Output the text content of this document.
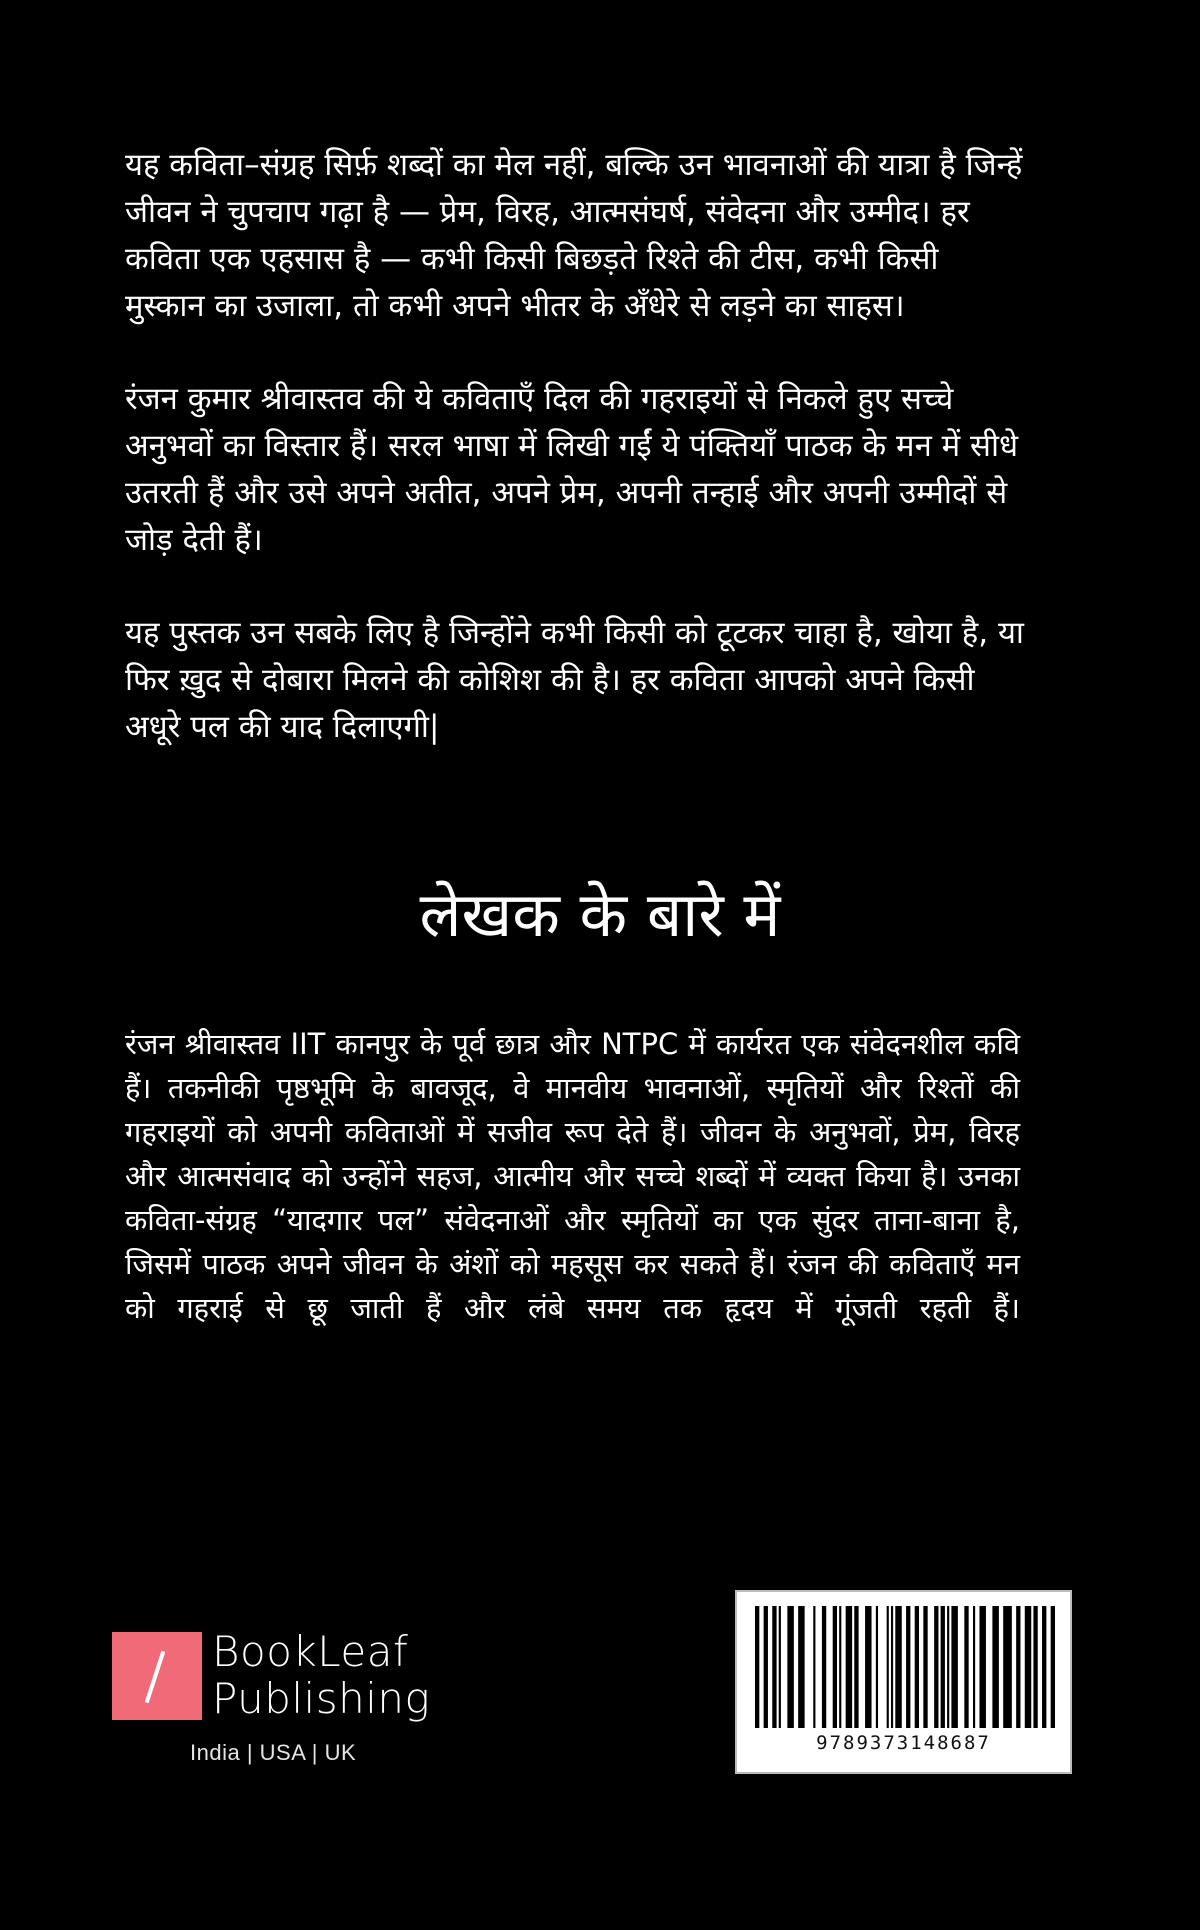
यह कविता–संग्रह सिर्फ़ शब्दों का मेल नहीं, बल्कि उन भावनाओं की यात्रा है जिन्हें जीवन ने चुपचाप गढ़ा है — प्रेम, विरह, आत्मसंघर्ष, संवेदना और उम्मीद। हर कविता एक एहसास है — कभी किसी बिछड़ते रिश्ते की टीस, कभी किसी मुस्कान का उजाला, तो कभी अपने भीतर के अँधेरे से लड़ने का साहस।

रंजन कुमार श्रीवास्तव की ये कविताएँ दिल की गहराइयों से निकले हुए सच्चे अनुभवों का विस्तार हैं। सरल भाषा में लिखी गईं ये पंक्तियाँ पाठक के मन में सीधे उतरती हैं और उसे अपने अतीत, अपने प्रेम, अपनी तन्हाई और अपनी उम्मीदों से जोड़ देती हैं।

यह पुस्तक उन सबके लिए है जिन्होंने कभी किसी को टूटकर चाहा है, खोया है, या फिर ख़ुद से दोबारा मिलने की कोशिश की है। हर कविता आपको अपने किसी अधूरे पल की याद दिलाएगी|

लेखक के बारे में

रंजन श्रीवास्तव IIT कानपुर के पूर्व छात्र और NTPC में कार्यरत एक संवेदनशील कवि हैं। तकनीकी पृष्ठभूमि के बावजूद, वे मानवीय भावनाओं, स्मृतियों और रिश्तों की गहराइयों को अपनी कविताओं में सजीव रूप देते हैं। जीवन के अनुभवों, प्रेम, विरह और आत्मसंवाद को उन्होंने सहज, आत्मीय और सच्चे शब्दों में व्यक्त किया है। उनका कविता-संग्रह “यादगार पल” संवेदनाओं और स्मृतियों का एक सुंदर ताना-बाना है, जिसमें पाठक अपने जीवन के अंशों को महसूस कर सकते हैं। रंजन की कविताएँ मन को गहराई से छू जाती हैं और लंबे समय तक हृदय में गूंजती रहती हैं।

BookLeaf
Publishing
India | USA | UK	9789373148687
